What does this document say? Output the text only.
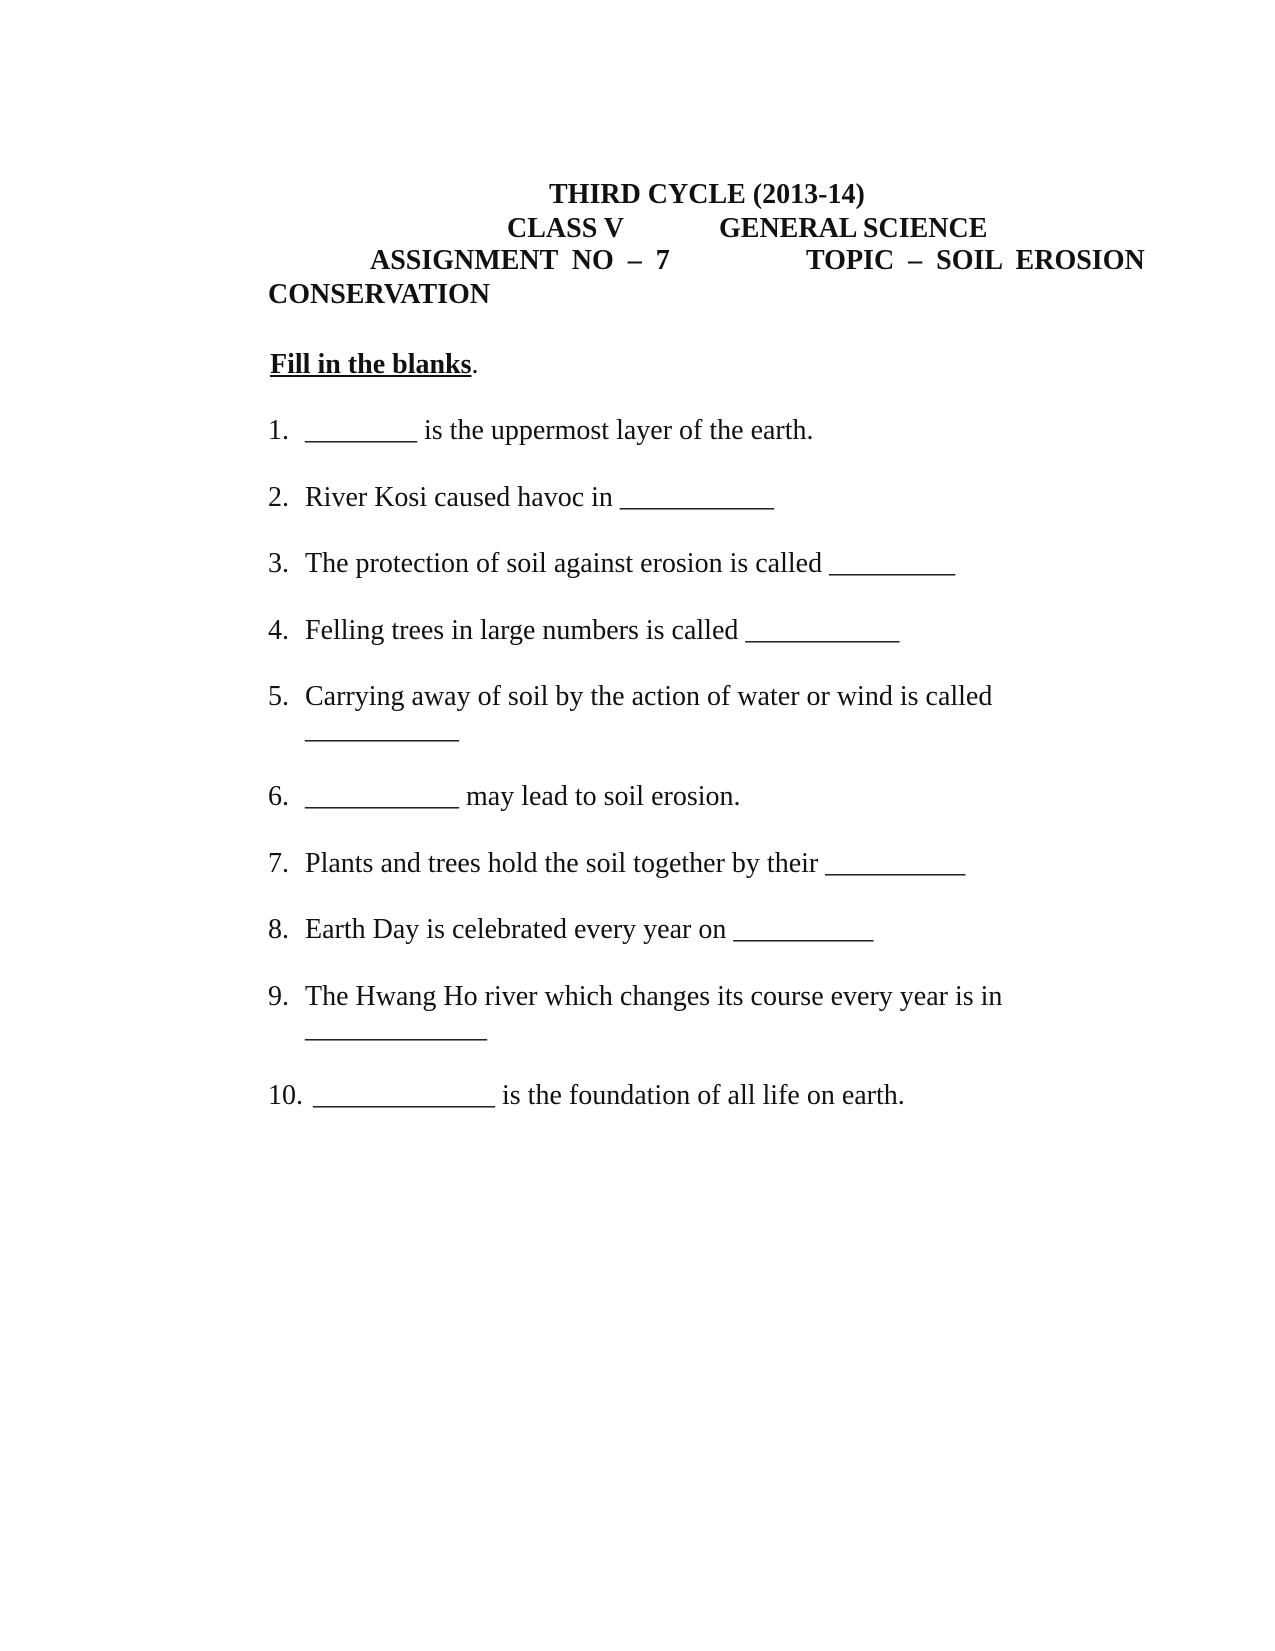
THIRD CYCLE (2013-14)
CLASS V	GENERAL SCIENCE
ASSIGNMENT  NO  –  7	TOPIC  –  SOIL  EROSION
CONSERVATION
Fill in the blanks.
1. ________ is the uppermost layer of the earth.
2. River Kosi caused havoc in ___________
3. The protection of soil against erosion is called _________
4. Felling trees in large numbers is called ___________
5. Carrying away of soil by the action of water or wind is called
___________
6. ___________ may lead to soil erosion.
7. Plants and trees hold the soil together by their __________
8. Earth Day is celebrated every year on __________
9. The Hwang Ho river which changes its course every year is in
_____________
10. _____________ is the foundation of all life on earth.
